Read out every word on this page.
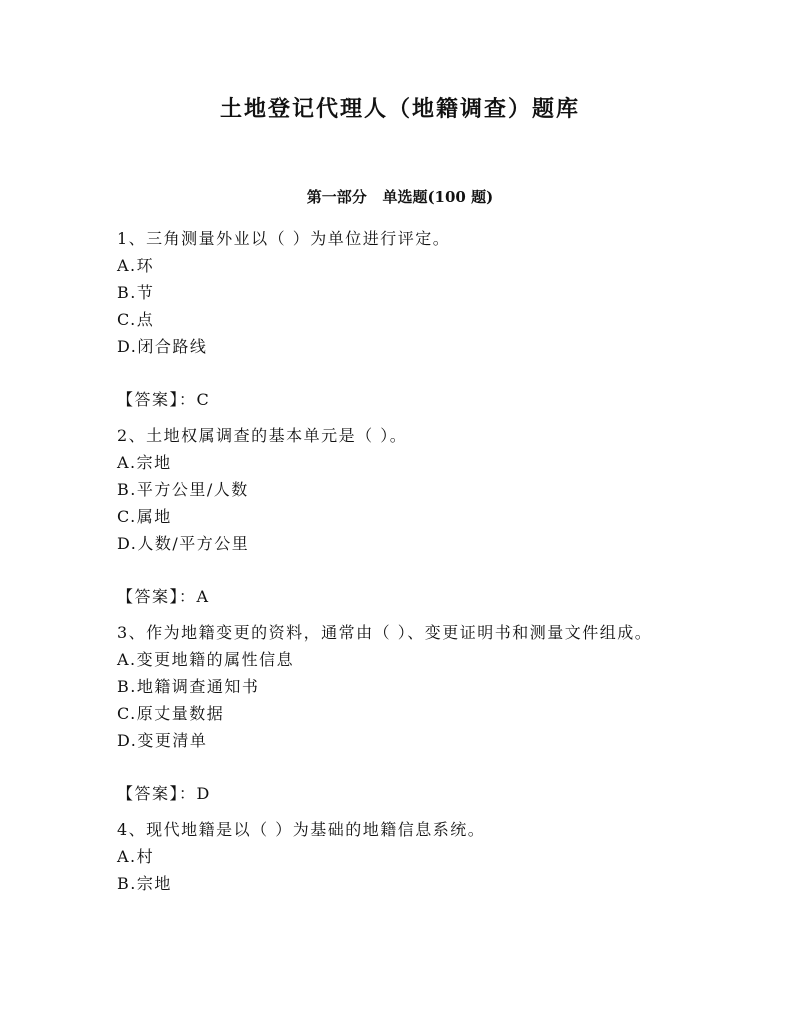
土地登记代理人（地籍调查）题库
第一部分   单选题(100 题)

1、三角测量外业以（ ）为单位进行评定。

A.环

B.节

C.点

D.闭合路线

【答案】：C

2、土地权属调查的基本单元是（ ）。

A.宗地

B.平方公里/人数

C.属地

D.人数/平方公里

【答案】：A

3、作为地籍变更的资料，通常由（ ）、变更证明书和测量文件组成。

A.变更地籍的属性信息

B.地籍调查通知书

C.原丈量数据

D.变更清单

【答案】：D

4、现代地籍是以（ ）为基础的地籍信息系统。

A.村

B.宗地
